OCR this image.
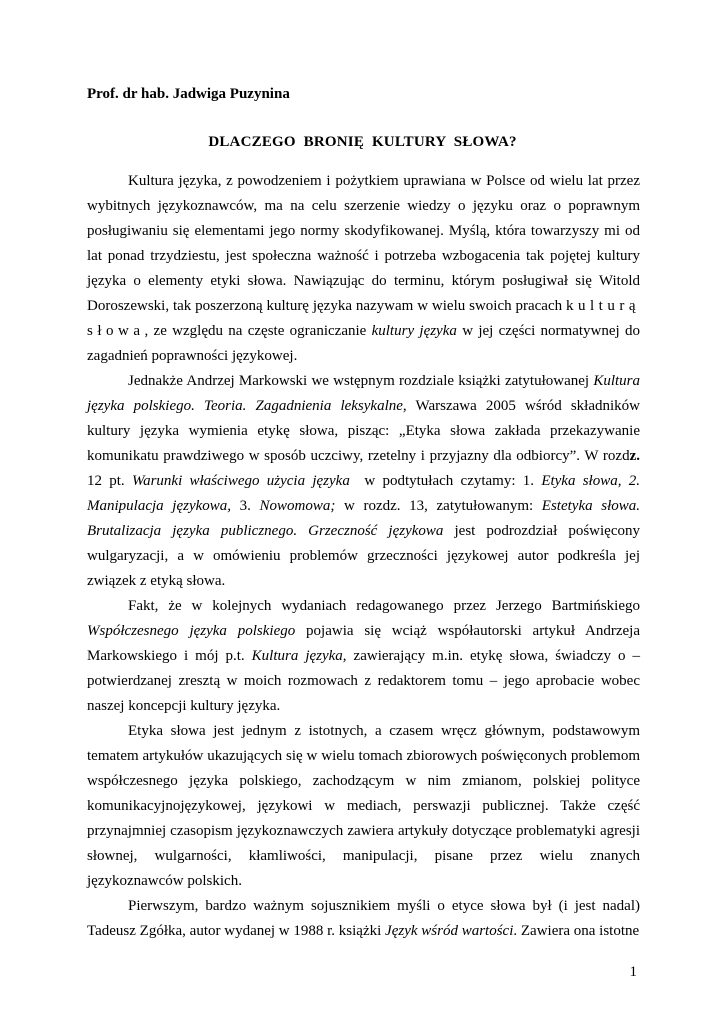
Prof. dr hab. Jadwiga Puzynina
DLACZEGO  BRONIĘ  KULTURY  SŁOWA?

Kultura języka, z powodzeniem i pożytkiem uprawiana w Polsce od wielu lat przez wybitnych językoznawców, ma na celu szerzenie wiedzy o języku oraz o poprawnym posługiwaniu się elementami jego normy skodyfikowanej. Myślą, która towarzyszy mi od lat ponad trzydziestu, jest społeczna ważność i potrzeba wzbogacenia tak pojętej kultury języka o elementy etyki słowa. Nawiązując do terminu, którym posługiwał się Witold Doroszewski, tak poszerzoną kulturę języka nazywam w wielu swoich pracach kulturą słowa, ze względu na częste ograniczanie kultury języka w jej części normatywnej do zagadnień poprawności językowej.

Jednakże Andrzej Markowski we wstępnym rozdziale książki zatytułowanej Kultura języka polskiego. Teoria. Zagadnienia leksykalne, Warszawa 2005 wśród składników kultury języka wymienia etykę słowa, pisząc: „Etyka słowa zakłada przekazywanie komunikatu prawdziwego w sposób uczciwy, rzetelny i przyjazny dla odbiorcy”. W rozdz. 12 pt. Warunki właściwego użycia języka  w podtytułach czytamy: 1. Etyka słowa, 2. Manipulacja językowa, 3. Nowomowa; w rozdz. 13, zatytułowanym: Estetyka słowa. Brutalizacja języka publicznego. Grzeczność językowa jest podrozdział poświęcony wulgaryzacji, a w omówieniu problemów grzeczności językowej autor podkreśla jej związek z etyką słowa.

Fakt, że w kolejnych wydaniach redagowanego przez Jerzego Bartmińskiego Współczesnego języka polskiego pojawia się wciąż współautorski artykuł Andrzeja Markowskiego i mój p.t. Kultura języka, zawierający m.in. etykę słowa, świadczy o – potwierdzanej zresztą w moich rozmowach z redaktorem tomu – jego aprobacie wobec naszej koncepcji kultury języka.

Etyka słowa jest jednym z istotnych, a czasem wręcz głównym, podstawowym tematem artykułów ukazujących się w wielu tomach zbiorowych poświęconych problemom współczesnego języka polskiego, zachodzącym w nim zmianom, polskiej polityce komunikacyjnojęzykowej, językowi w mediach, perswazji publicznej. Także część przynajmniej czasopism językoznawczych zawiera artykuły dotyczące problematyki agresji słownej, wulgarności, kłamliwości, manipulacji, pisane przez wielu znanych językoznawców polskich.

Pierwszym, bardzo ważnym sojusznikiem myśli o etyce słowa był (i jest nadal) Tadeusz Zgółka, autor wydanej w 1988 r. książki Język wśród wartości. Zawiera ona istotne

1
